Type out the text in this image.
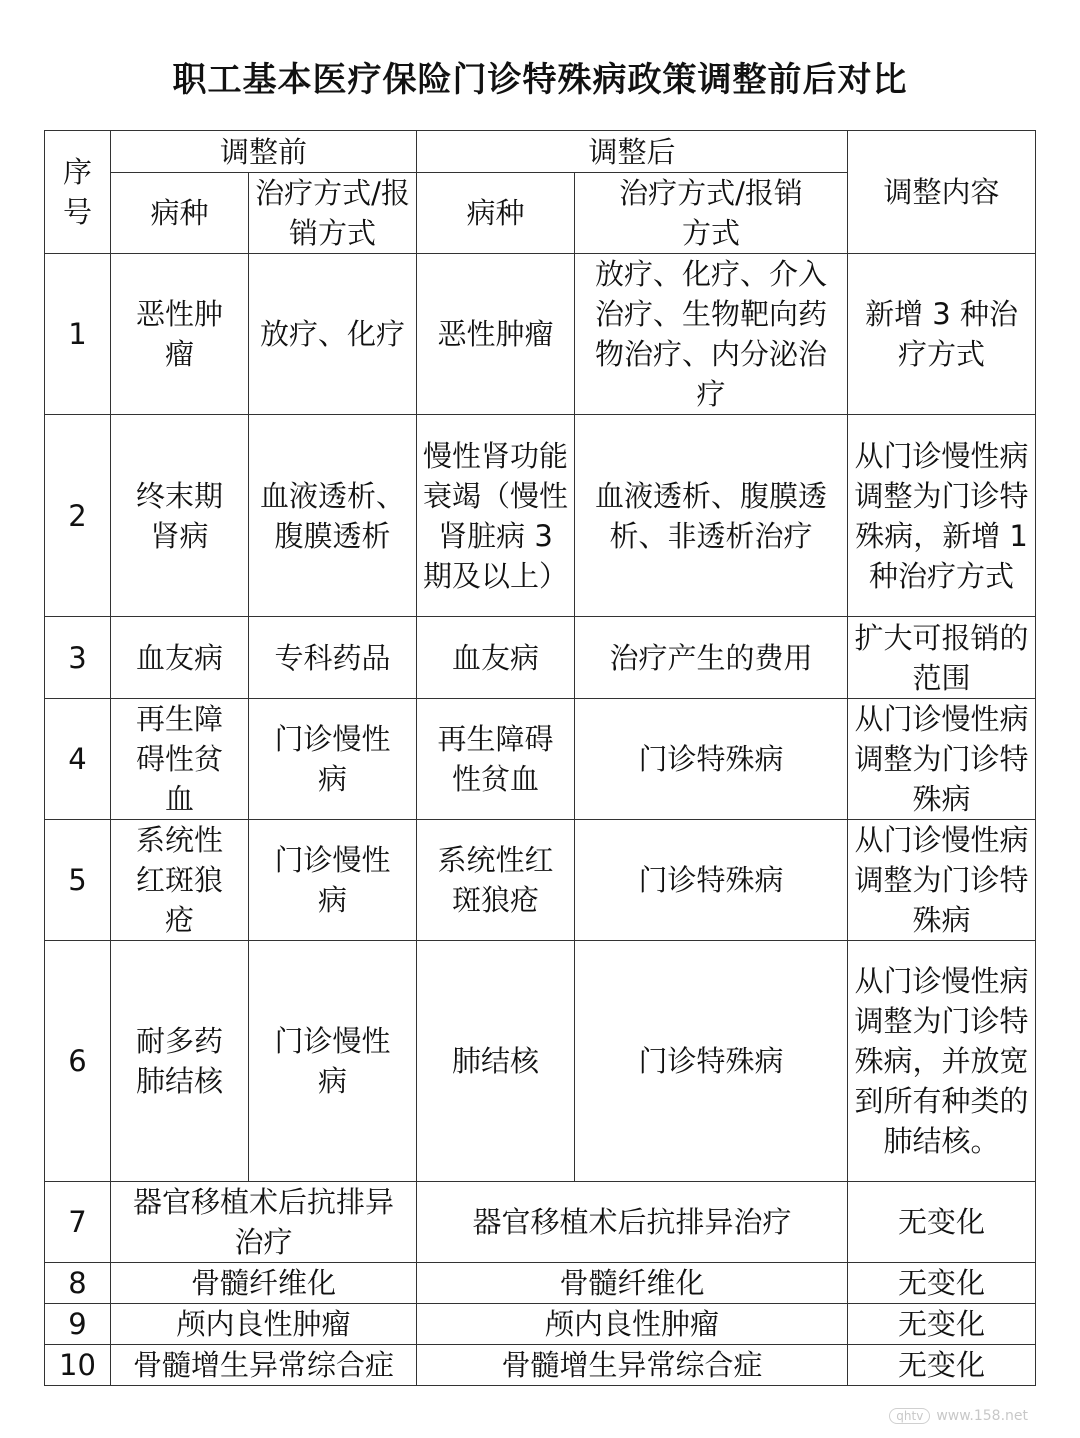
职工基本医疗保险门诊特殊病政策调整前后对比
序号	调整前		调整后		调整内容
	病种	治疗方式/报销方式	病种	治疗方式/报销方式	
1	恶性肿瘤	放疗、化疗	恶性肿瘤	放疗、化疗、介入治疗、生物靶向药物治疗、内分泌治疗	新增 3 种治疗方式
2	终末期肾病	血液透析、腹膜透析	慢性肾功能衰竭（慢性肾脏病 3 期及以上）	血液透析、腹膜透析、非透析治疗	从门诊慢性病调整为门诊特殊病，新增 1 种治疗方式
3	血友病	专科药品	血友病	治疗产生的费用	扩大可报销的范围
4	再生障碍性贫血	门诊慢性病	再生障碍性贫血	门诊特殊病	从门诊慢性病调整为门诊特殊病
5	系统性红斑狼疮	门诊慢性病	系统性红斑狼疮	门诊特殊病	从门诊慢性病调整为门诊特殊病
6	耐多药肺结核	门诊慢性病	肺结核	门诊特殊病	从门诊慢性病调整为门诊特殊病，并放宽到所有种类的肺结核。
7	器官移植术后抗排异治疗		器官移植术后抗排异治疗		无变化
8	骨髓纤维化		骨髓纤维化		无变化
9	颅内良性肿瘤		颅内良性肿瘤		无变化
10	骨髓增生异常综合症		骨髓增生异常综合症		无变化
qhtv www.158.net
